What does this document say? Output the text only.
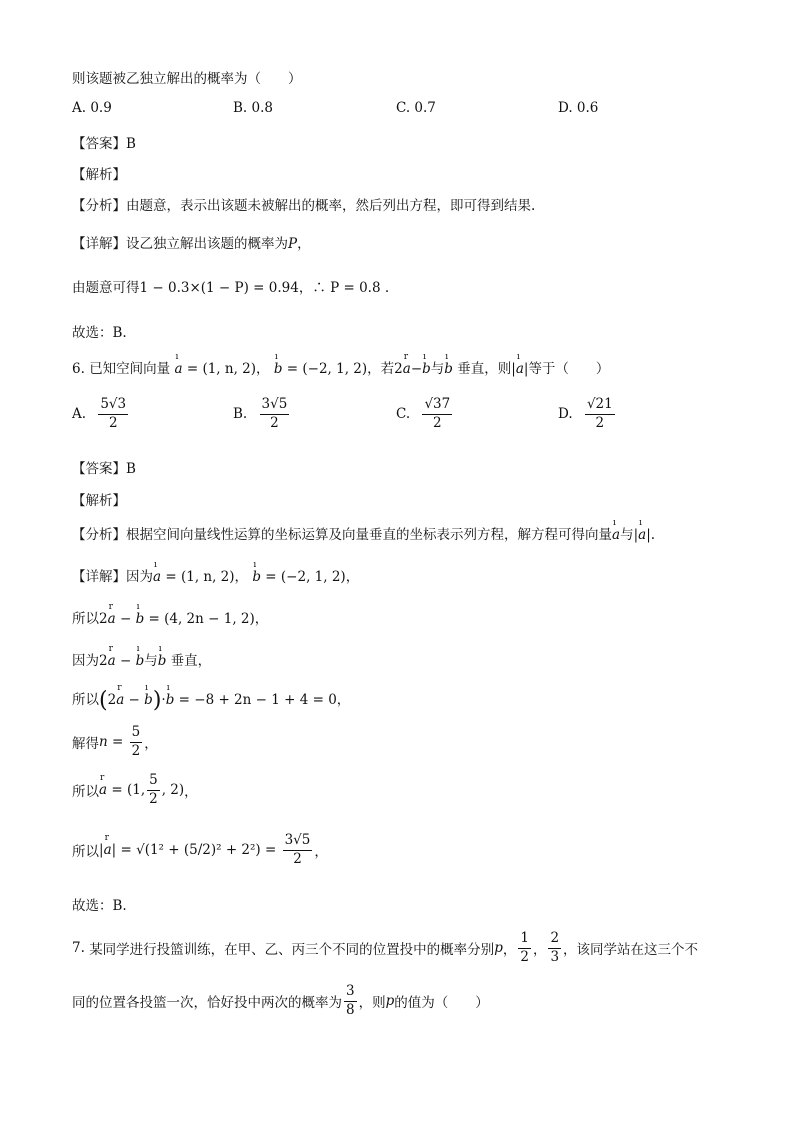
则该题被乙独立解出的概率为（　　）
A. 0.9	B. 0.8	C. 0.7	D. 0.6
【答案】B
【解析】
【分析】由题意，表示出该题未被解出的概率，然后列出方程，即可得到结果.
【详解】设乙独立解出该题的概率为P，
由题意可得1 − 0.3×(1 − P) = 0.94，∴ P = 0.8 .
故选：B.
6. 已知空间向量
ı
a = (1, n, 2)，
ı
b = (−2, 1, 2)，若2
r
a−
ı
b与
ı
b 垂直，则|
ı
a|等于（　　）
A. $\frac{5√3}{2}$	B. $\frac{3√5}{2}$	C. $\frac{√37}{2}$	D. $\frac{√21}{2}$
【答案】B
【解析】
【分析】根据空间向量线性运算的坐标运算及向量垂直的坐标表示列方程，解方程可得向量
ı
a与|
ı
a|.
【详解】因为
ı
a = (1, n, 2)，
ı
b = (−2, 1, 2)，
所以2
r
a −
ı
b = (4, 2n − 1, 2)，
因为2
r
a −
ı
b与
ı
b 垂直，
所以(2
r
a −
ı
b)·
ı
b = −8 + 2n − 1 + 4 = 0，
解得$n = \frac{5}{2}$ ，
所以
r
a = (1, $\frac{5}{2}$ , 2)，
所以|
r
$a| = √(1^2 + (5/2)^2 + 2^2) = \frac{3√5}{2}$ ，
故选：B.
7. 某同学进行投篮训练，在甲、乙、丙三个不同的位置投中的概率分别p， $\frac{1}{2}$ ， $\frac{2}{3}$ ，该同学站在这三个不
同的位置各投篮一次，恰好投中两次的概率为 $\frac{3}{8}$ ，则p的值为（　　）
